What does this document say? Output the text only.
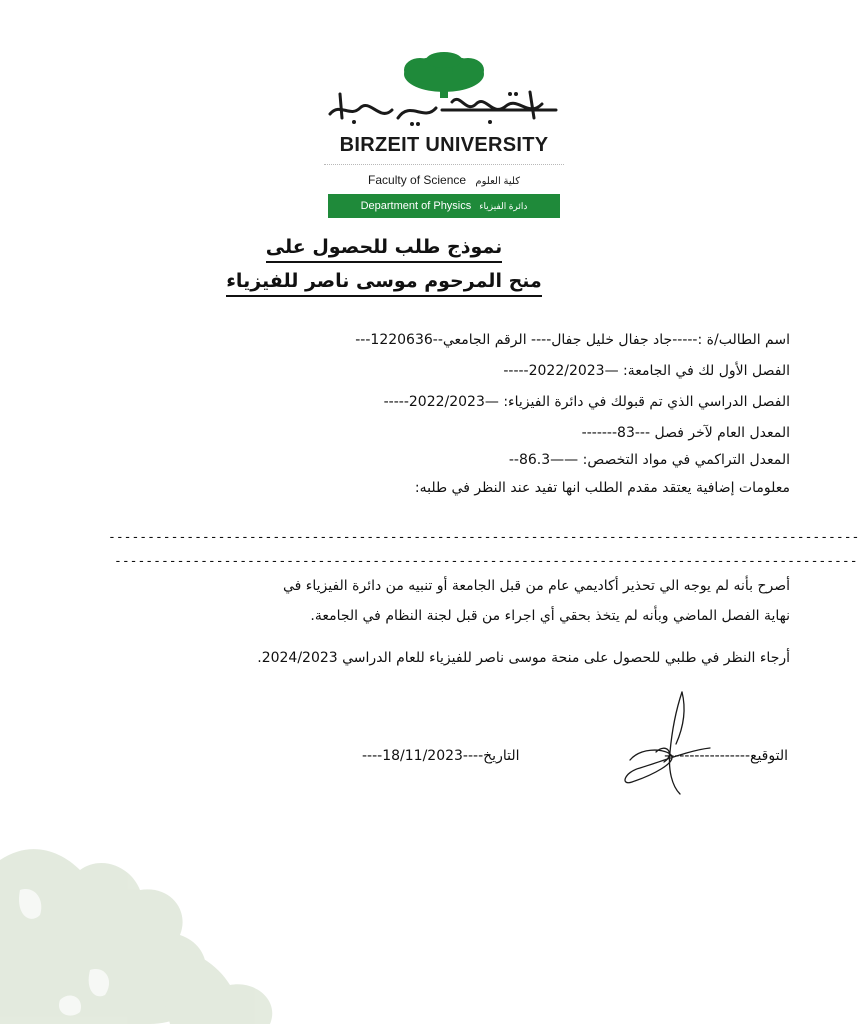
BIRZEIT UNIVERSITY
Faculty of Science كلية العلوم
Department of Physics دائرة الفيزياء
نموذج طلب للحصول على
منح المرحوم موسى ناصر للفيزياء
اسم الطالب/ة :-----جاد جفال خليل جفال---- الرقم الجامعي--1220636---
الفصل الأول لك في الجامعة: —2022/2023-----
الفصل الدراسي الذي تم قبولك في دائرة الفيزياء: —2022/2023-----
المعدل العام لآخر فصل ---83-------
المعدل التراكمي في مواد التخصص: ——86.3--
معلومات إضافية يعتقد مقدم الطلب انها تفيد عند النظر في طلبه:
------------------------------------------------------------------------------------------------
-----------------------------------------------------------------------------------------------
أصرح بأنه لم يوجه الي تحذير أكاديمي عام من قبل الجامعة أو تنبيه من دائرة الفيزياء في
نهاية الفصل الماضي وبأنه لم يتخذ بحقي أي اجراء من قبل لجنة النظام في الجامعة.
أرجاء النظر في طلبي للحصول على منحة موسى ناصر للفيزياء للعام الدراسي 2024/2023.
التوقيع-----------------
التاريخ----18/11/2023----
